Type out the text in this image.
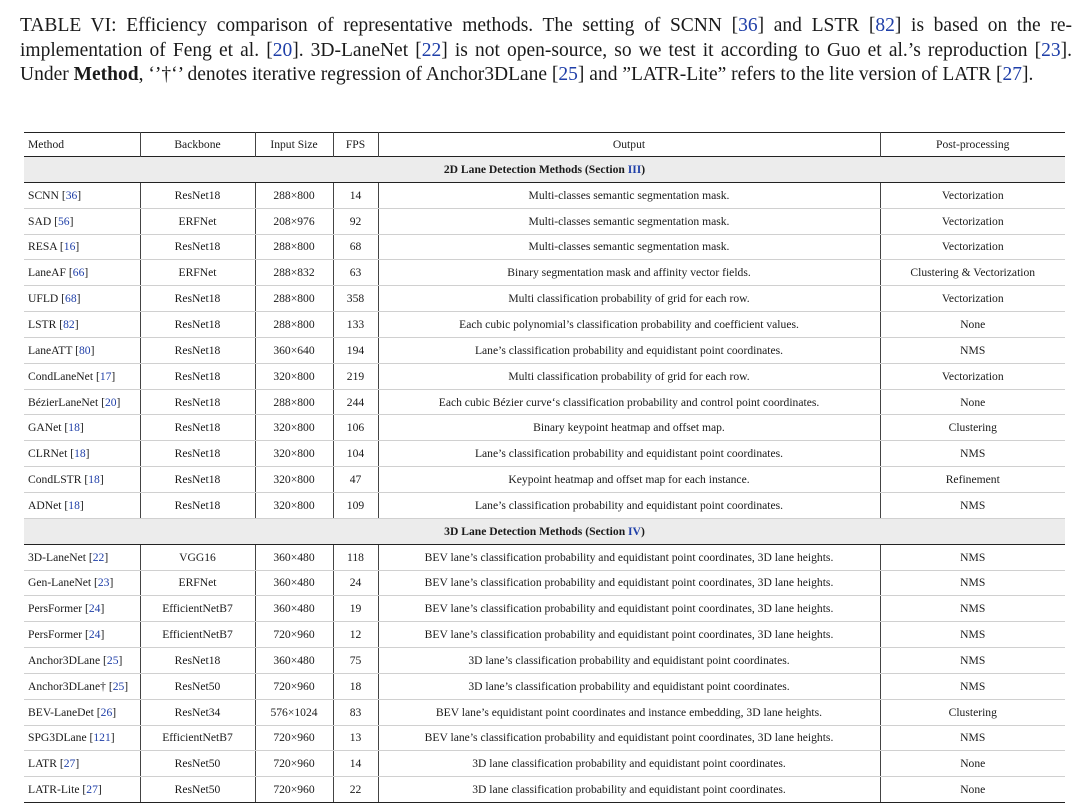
TABLE VI: Efficiency comparison of representative methods. The setting of SCNN [36] and LSTR [82] is based on the re-implementation of Feng et al. [20]. 3D-LaneNet [22] is not open-source, so we test it according to Guo et al.’s reproduction [23]. Under Method, ‘’†‘’ denotes iterative regression of Anchor3DLane [25] and ”LATR-Lite” refers to the lite version of LATR [27].
Method	Backbone	Input Size	FPS	Output	Post-processing
2D Lane Detection Methods (Section III)					
SCNN [36]	ResNet18	288×800	14	Multi-classes semantic segmentation mask.	Vectorization
SAD [56]	ERFNet	208×976	92	Multi-classes semantic segmentation mask.	Vectorization
RESA [16]	ResNet18	288×800	68	Multi-classes semantic segmentation mask.	Vectorization
LaneAF [66]	ERFNet	288×832	63	Binary segmentation mask and affinity vector fields.	Clustering & Vectorization
UFLD [68]	ResNet18	288×800	358	Multi classification probability of grid for each row.	Vectorization
LSTR [82]	ResNet18	288×800	133	Each cubic polynomial’s classification probability and coefficient values.	None
LaneATT [80]	ResNet18	360×640	194	Lane’s classification probability and equidistant point coordinates.	NMS
CondLaneNet [17]	ResNet18	320×800	219	Multi classification probability of grid for each row.	Vectorization
BézierLaneNet [20]	ResNet18	288×800	244	Each cubic Bézier curve‘s classification probability and control point coordinates.	None
GANet [18]	ResNet18	320×800	106	Binary keypoint heatmap and offset map.	Clustering
CLRNet [18]	ResNet18	320×800	104	Lane’s classification probability and equidistant point coordinates.	NMS
CondLSTR [18]	ResNet18	320×800	47	Keypoint heatmap and offset map for each instance.	Refinement
ADNet [18]	ResNet18	320×800	109	Lane’s classification probability and equidistant point coordinates.	NMS
3D Lane Detection Methods (Section IV)					
3D-LaneNet [22]	VGG16	360×480	118	BEV lane’s classification probability and equidistant point coordinates, 3D lane heights.	NMS
Gen-LaneNet [23]	ERFNet	360×480	24	BEV lane’s classification probability and equidistant point coordinates, 3D lane heights.	NMS
PersFormer [24]	EfficientNetB7	360×480	19	BEV lane’s classification probability and equidistant point coordinates, 3D lane heights.	NMS
PersFormer [24]	EfficientNetB7	720×960	12	BEV lane’s classification probability and equidistant point coordinates, 3D lane heights.	NMS
Anchor3DLane [25]	ResNet18	360×480	75	3D lane’s classification probability and equidistant point coordinates.	NMS
Anchor3DLane† [25]	ResNet50	720×960	18	3D lane’s classification probability and equidistant point coordinates.	NMS
BEV-LaneDet [26]	ResNet34	576×1024	83	BEV lane’s equidistant point coordinates and instance embedding, 3D lane heights.	Clustering
SPG3DLane [121]	EfficientNetB7	720×960	13	BEV lane’s classification probability and equidistant point coordinates, 3D lane heights.	NMS
LATR [27]	ResNet50	720×960	14	3D lane classification probability and equidistant point coordinates.	None
LATR-Lite [27]	ResNet50	720×960	22	3D lane classification probability and equidistant point coordinates.	None
